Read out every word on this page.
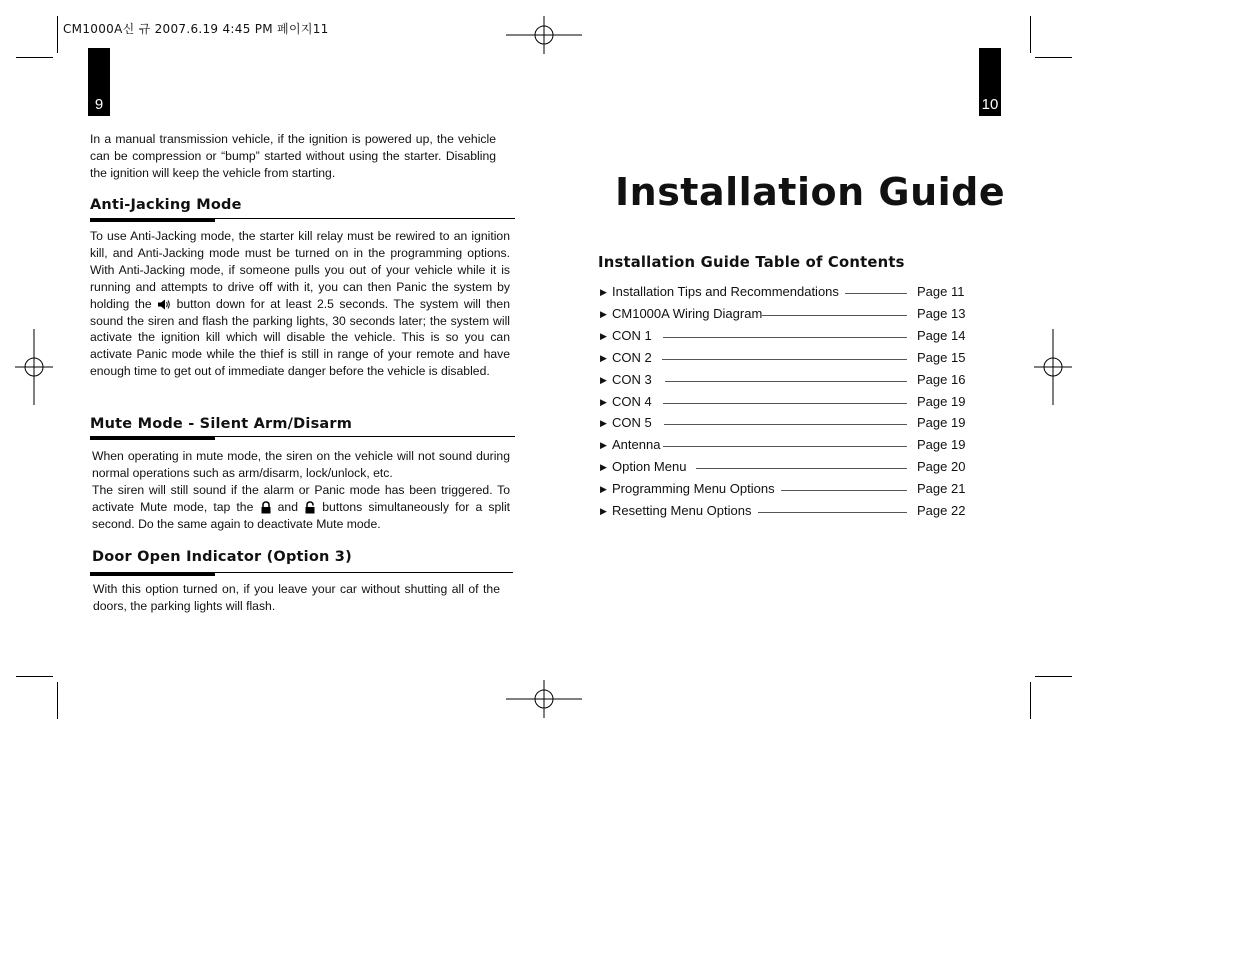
CM1000A신 규 2007.6.19 4:45 PM 페이지11
9

In a manual transmission vehicle, if the ignition is powered up, the vehicle can be compression or “bump” started without using the starter. Disabling the ignition will keep the vehicle from starting.

Anti-Jacking Mode

To use Anti-Jacking mode, the starter kill relay must be rewired to an ignition kill, and Anti-Jacking mode must be turned on in the programming options. With Anti-Jacking mode, if someone pulls you out of your vehicle while it is running and attempts to drive off with it, you can then Panic the system by holding the button down for at least 2.5 seconds. The system will then sound the siren and flash the parking lights, 30 seconds later; the system will activate the ignition kill which will disable the vehicle. This is so you can activate Panic mode while the thief is still in range of your remote and have enough time to get out of immediate danger before the vehicle is disabled.

Mute Mode - Silent Arm/Disarm

When operating in mute mode, the siren on the vehicle will not sound during normal operations such as arm/disarm, lock/unlock, etc.

The siren will still sound if the alarm or Panic mode has been triggered. To activate Mute mode, tap the and buttons simultaneously for a split second. Do the same again to deactivate Mute mode.

Door Open Indicator (Option 3)

With this option turned on, if you leave your car without shutting all of the doors, the parking lights will flash.

10
Installation Guide
Installation Guide Table of Contents
▶ Installation Tips and Recommendations	Page 11
▶ CM1000A Wiring Diagram	Page 13
▶ CON 1	Page 14
▶ CON 2	Page 15
▶ CON 3	Page 16
▶ CON 4	Page 19
▶ CON 5	Page 19
▶ Antenna	Page 19
▶ Option Menu	Page 20
▶ Programming Menu Options	Page 21
▶ Resetting Menu Options	Page 22
